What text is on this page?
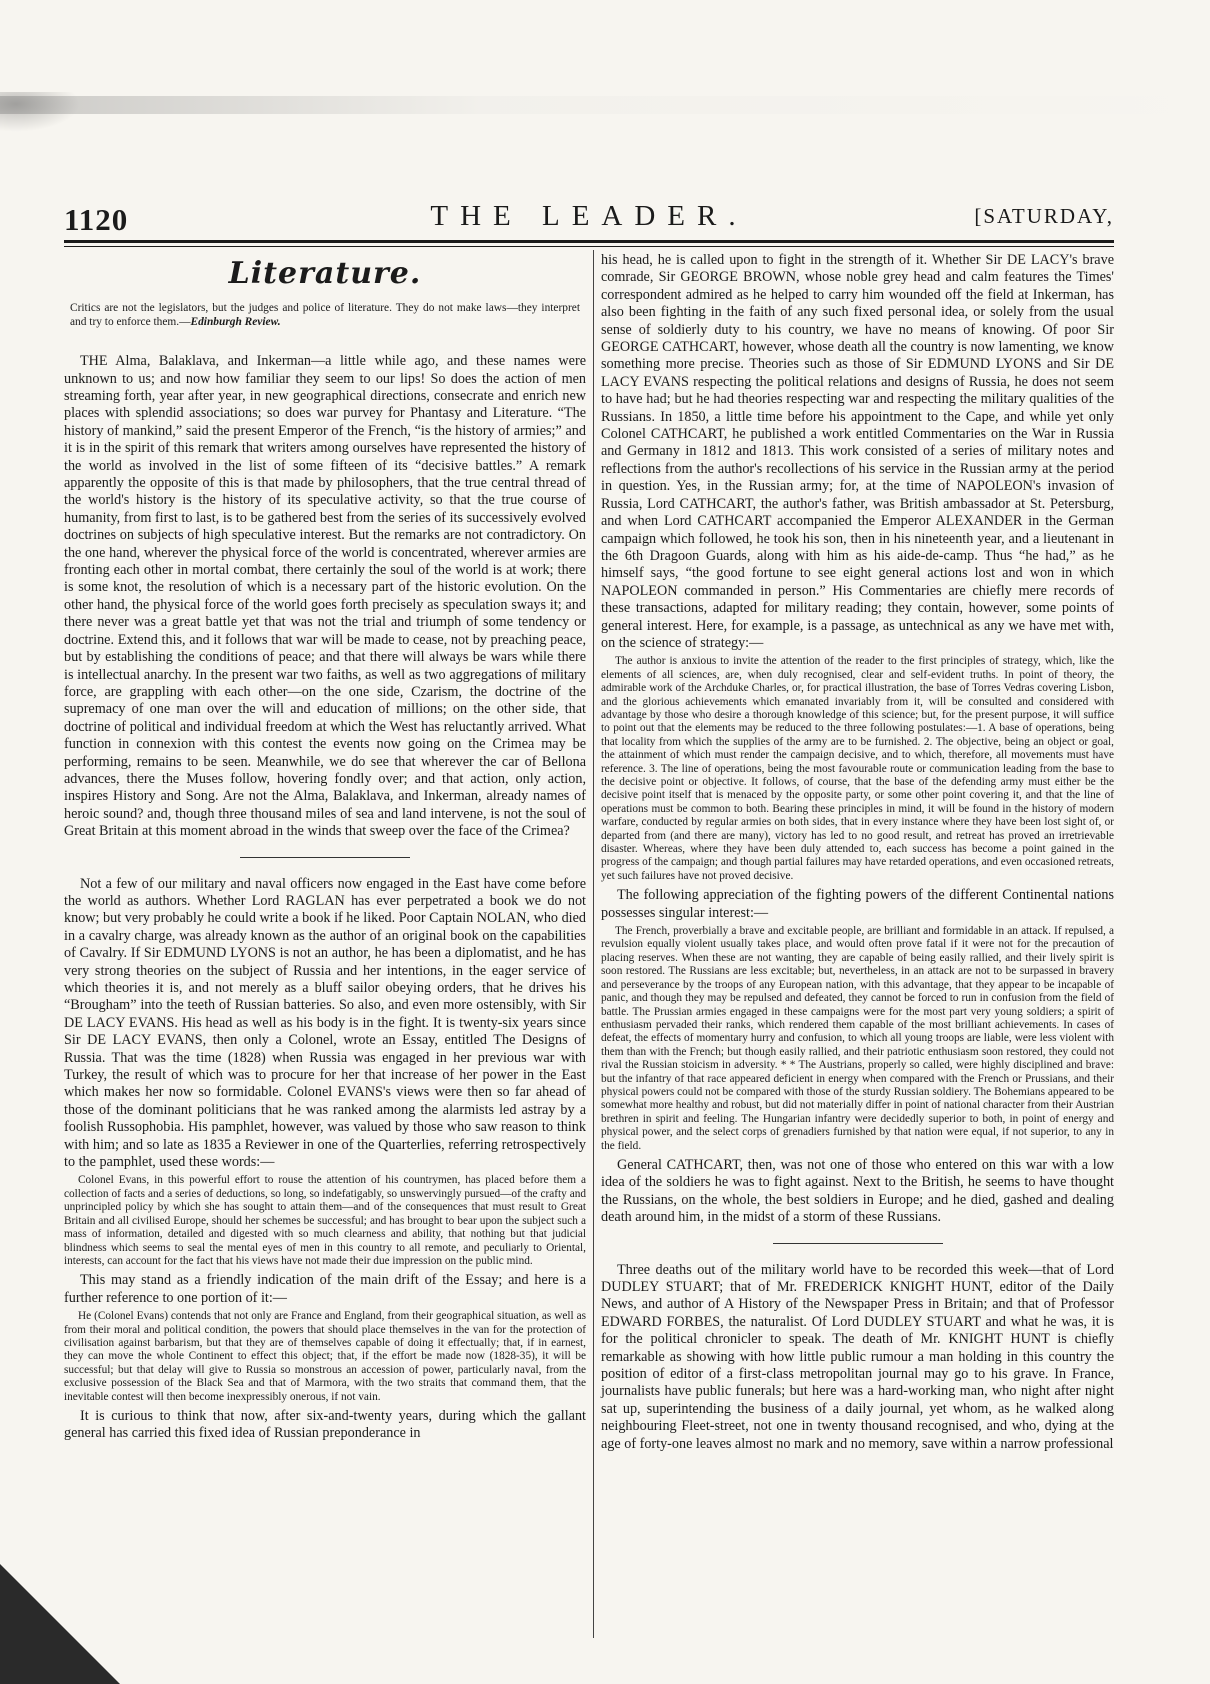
1120	THE LEADER.	[SATURDAY,
Literature.
Critics are not the legislators, but the judges and police of literature. They do not make laws—they interpret and try to enforce them.—Edinburgh Review.

THE Alma, Balaklava, and Inkerman—a little while ago, and these names were unknown to us; and now how familiar they seem to our lips! So does the action of men streaming forth, year after year, in new geographical directions, consecrate and enrich new places with splendid associations; so does war purvey for Phantasy and Literature. “The history of mankind,” said the present Emperor of the French, “is the history of armies;” and it is in the spirit of this remark that writers among ourselves have represented the history of the world as involved in the list of some fifteen of its “decisive battles.” A remark apparently the opposite of this is that made by philosophers, that the true central thread of the world's history is the history of its speculative activity, so that the true course of humanity, from first to last, is to be gathered best from the series of its successively evolved doctrines on subjects of high speculative interest. But the remarks are not contradictory. On the one hand, wherever the physical force of the world is concentrated, wherever armies are fronting each other in mortal combat, there certainly the soul of the world is at work; there is some knot, the resolution of which is a necessary part of the historic evolution. On the other hand, the physical force of the world goes forth precisely as speculation sways it; and there never was a great battle yet that was not the trial and triumph of some tendency or doctrine. Extend this, and it follows that war will be made to cease, not by preaching peace, but by establishing the conditions of peace; and that there will always be wars while there is intellectual anarchy. In the present war two faiths, as well as two aggregations of military force, are grappling with each other—on the one side, Czarism, the doctrine of the supremacy of one man over the will and education of millions; on the other side, that doctrine of political and individual freedom at which the West has reluctantly arrived. What function in connexion with this contest the events now going on the Crimea may be performing, remains to be seen. Meanwhile, we do see that wherever the car of Bellona advances, there the Muses follow, hovering fondly over; and that action, only action, inspires History and Song. Are not the Alma, Balaklava, and Inkerman, already names of heroic sound? and, though three thousand miles of sea and land intervene, is not the soul of Great Britain at this moment abroad in the winds that sweep over the face of the Crimea?

Not a few of our military and naval officers now engaged in the East have come before the world as authors. Whether Lord RAGLAN has ever perpetrated a book we do not know; but very probably he could write a book if he liked. Poor Captain NOLAN, who died in a cavalry charge, was already known as the author of an original book on the capabilities of Cavalry. If Sir EDMUND LYONS is not an author, he has been a diplomatist, and he has very strong theories on the subject of Russia and her intentions, in the eager service of which theories it is, and not merely as a bluff sailor obeying orders, that he drives his “Brougham” into the teeth of Russian batteries. So also, and even more ostensibly, with Sir DE LACY EVANS. His head as well as his body is in the fight. It is twenty-six years since Sir DE LACY EVANS, then only a Colonel, wrote an Essay, entitled The Designs of Russia. That was the time (1828) when Russia was engaged in her previous war with Turkey, the result of which was to procure for her that increase of her power in the East which makes her now so formidable. Colonel EVANS's views were then so far ahead of those of the dominant politicians that he was ranked among the alarmists led astray by a foolish Russophobia. His pamphlet, however, was valued by those who saw reason to think with him; and so late as 1835 a Reviewer in one of the Quarterlies, referring retrospectively to the pamphlet, used these words:—

Colonel Evans, in this powerful effort to rouse the attention of his countrymen, has placed before them a collection of facts and a series of deductions, so long, so indefatigably, so unswervingly pursued—of the crafty and unprincipled policy by which she has sought to attain them—and of the consequences that must result to Great Britain and all civilised Europe, should her schemes be successful; and has brought to bear upon the subject such a mass of information, detailed and digested with so much clearness and ability, that nothing but that judicial blindness which seems to seal the mental eyes of men in this country to all remote, and peculiarly to Oriental, interests, can account for the fact that his views have not made their due impression on the public mind.

This may stand as a friendly indication of the main drift of the Essay; and here is a further reference to one portion of it:—

He (Colonel Evans) contends that not only are France and England, from their geographical situation, as well as from their moral and political condition, the powers that should place themselves in the van for the protection of civilisation against barbarism, but that they are of themselves capable of doing it effectually; that, if in earnest, they can move the whole Continent to effect this object; that, if the effort be made now (1828-35), it will be successful; but that delay will give to Russia so monstrous an accession of power, particularly naval, from the exclusive possession of the Black Sea and that of Marmora, with the two straits that command them, that the inevitable contest will then become inexpressibly onerous, if not vain.

It is curious to think that now, after six-and-twenty years, during which the gallant general has carried this fixed idea of Russian preponderance in

his head, he is called upon to fight in the strength of it. Whether Sir DE LACY's brave comrade, Sir GEORGE BROWN, whose noble grey head and calm features the Times' correspondent admired as he helped to carry him wounded off the field at Inkerman, has also been fighting in the faith of any such fixed personal idea, or solely from the usual sense of soldierly duty to his country, we have no means of knowing. Of poor Sir GEORGE CATHCART, however, whose death all the country is now lamenting, we know something more precise. Theories such as those of Sir EDMUND LYONS and Sir DE LACY EVANS respecting the political relations and designs of Russia, he does not seem to have had; but he had theories respecting war and respecting the military qualities of the Russians. In 1850, a little time before his appointment to the Cape, and while yet only Colonel CATHCART, he published a work entitled Commentaries on the War in Russia and Germany in 1812 and 1813. This work consisted of a series of military notes and reflections from the author's recollections of his service in the Russian army at the period in question. Yes, in the Russian army; for, at the time of NAPOLEON's invasion of Russia, Lord CATHCART, the author's father, was British ambassador at St. Petersburg, and when Lord CATHCART accompanied the Emperor ALEXANDER in the German campaign which followed, he took his son, then in his nineteenth year, and a lieutenant in the 6th Dragoon Guards, along with him as his aide-de-camp. Thus “he had,” as he himself says, “the good fortune to see eight general actions lost and won in which NAPOLEON commanded in person.” His Commentaries are chiefly mere records of these transactions, adapted for military reading; they contain, however, some points of general interest. Here, for example, is a passage, as untechnical as any we have met with, on the science of strategy:—

The author is anxious to invite the attention of the reader to the first principles of strategy, which, like the elements of all sciences, are, when duly recognised, clear and self-evident truths. In point of theory, the admirable work of the Archduke Charles, or, for practical illustration, the base of Torres Vedras covering Lisbon, and the glorious achievements which emanated invariably from it, will be consulted and considered with advantage by those who desire a thorough knowledge of this science; but, for the present purpose, it will suffice to point out that the elements may be reduced to the three following postulates:—1. A base of operations, being that locality from which the supplies of the army are to be furnished. 2. The objective, being an object or goal, the attainment of which must render the campaign decisive, and to which, therefore, all movements must have reference. 3. The line of operations, being the most favourable route or communication leading from the base to the decisive point or objective. It follows, of course, that the base of the defending army must either be the decisive point itself that is menaced by the opposite party, or some other point covering it, and that the line of operations must be common to both. Bearing these principles in mind, it will be found in the history of modern warfare, conducted by regular armies on both sides, that in every instance where they have been lost sight of, or departed from (and there are many), victory has led to no good result, and retreat has proved an irretrievable disaster. Whereas, where they have been duly attended to, each success has become a point gained in the progress of the campaign; and though partial failures may have retarded operations, and even occasioned retreats, yet such failures have not proved decisive.

The following appreciation of the fighting powers of the different Continental nations possesses singular interest:—

The French, proverbially a brave and excitable people, are brilliant and formidable in an attack. If repulsed, a revulsion equally violent usually takes place, and would often prove fatal if it were not for the precaution of placing reserves. When these are not wanting, they are capable of being easily rallied, and their lively spirit is soon restored. The Russians are less excitable; but, nevertheless, in an attack are not to be surpassed in bravery and perseverance by the troops of any European nation, with this advantage, that they appear to be incapable of panic, and though they may be repulsed and defeated, they cannot be forced to run in confusion from the field of battle. The Prussian armies engaged in these campaigns were for the most part very young soldiers; a spirit of enthusiasm pervaded their ranks, which rendered them capable of the most brilliant achievements. In cases of defeat, the effects of momentary hurry and confusion, to which all young troops are liable, were less violent with them than with the French; but though easily rallied, and their patriotic enthusiasm soon restored, they could not rival the Russian stoicism in adversity. * * The Austrians, properly so called, were highly disciplined and brave: but the infantry of that race appeared deficient in energy when compared with the French or Prussians, and their physical powers could not be compared with those of the sturdy Russian soldiery. The Bohemians appeared to be somewhat more healthy and robust, but did not materially differ in point of national character from their Austrian brethren in spirit and feeling. The Hungarian infantry were decidedly superior to both, in point of energy and physical power, and the select corps of grenadiers furnished by that nation were equal, if not superior, to any in the field.

General CATHCART, then, was not one of those who entered on this war with a low idea of the soldiers he was to fight against. Next to the British, he seems to have thought the Russians, on the whole, the best soldiers in Europe; and he died, gashed and dealing death around him, in the midst of a storm of these Russians.

Three deaths out of the military world have to be recorded this week—that of Lord DUDLEY STUART; that of Mr. FREDERICK KNIGHT HUNT, editor of the Daily News, and author of A History of the Newspaper Press in Britain; and that of Professor EDWARD FORBES, the naturalist. Of Lord DUDLEY STUART and what he was, it is for the political chronicler to speak. The death of Mr. KNIGHT HUNT is chiefly remarkable as showing with how little public rumour a man holding in this country the position of editor of a first-class metropolitan journal may go to his grave. In France, journalists have public funerals; but here was a hard-working man, who night after night sat up, superintending the business of a daily journal, yet whom, as he walked along neighbouring Fleet-street, not one in twenty thousand recognised, and who, dying at the age of forty-one leaves almost no mark and no memory, save within a narrow professional
